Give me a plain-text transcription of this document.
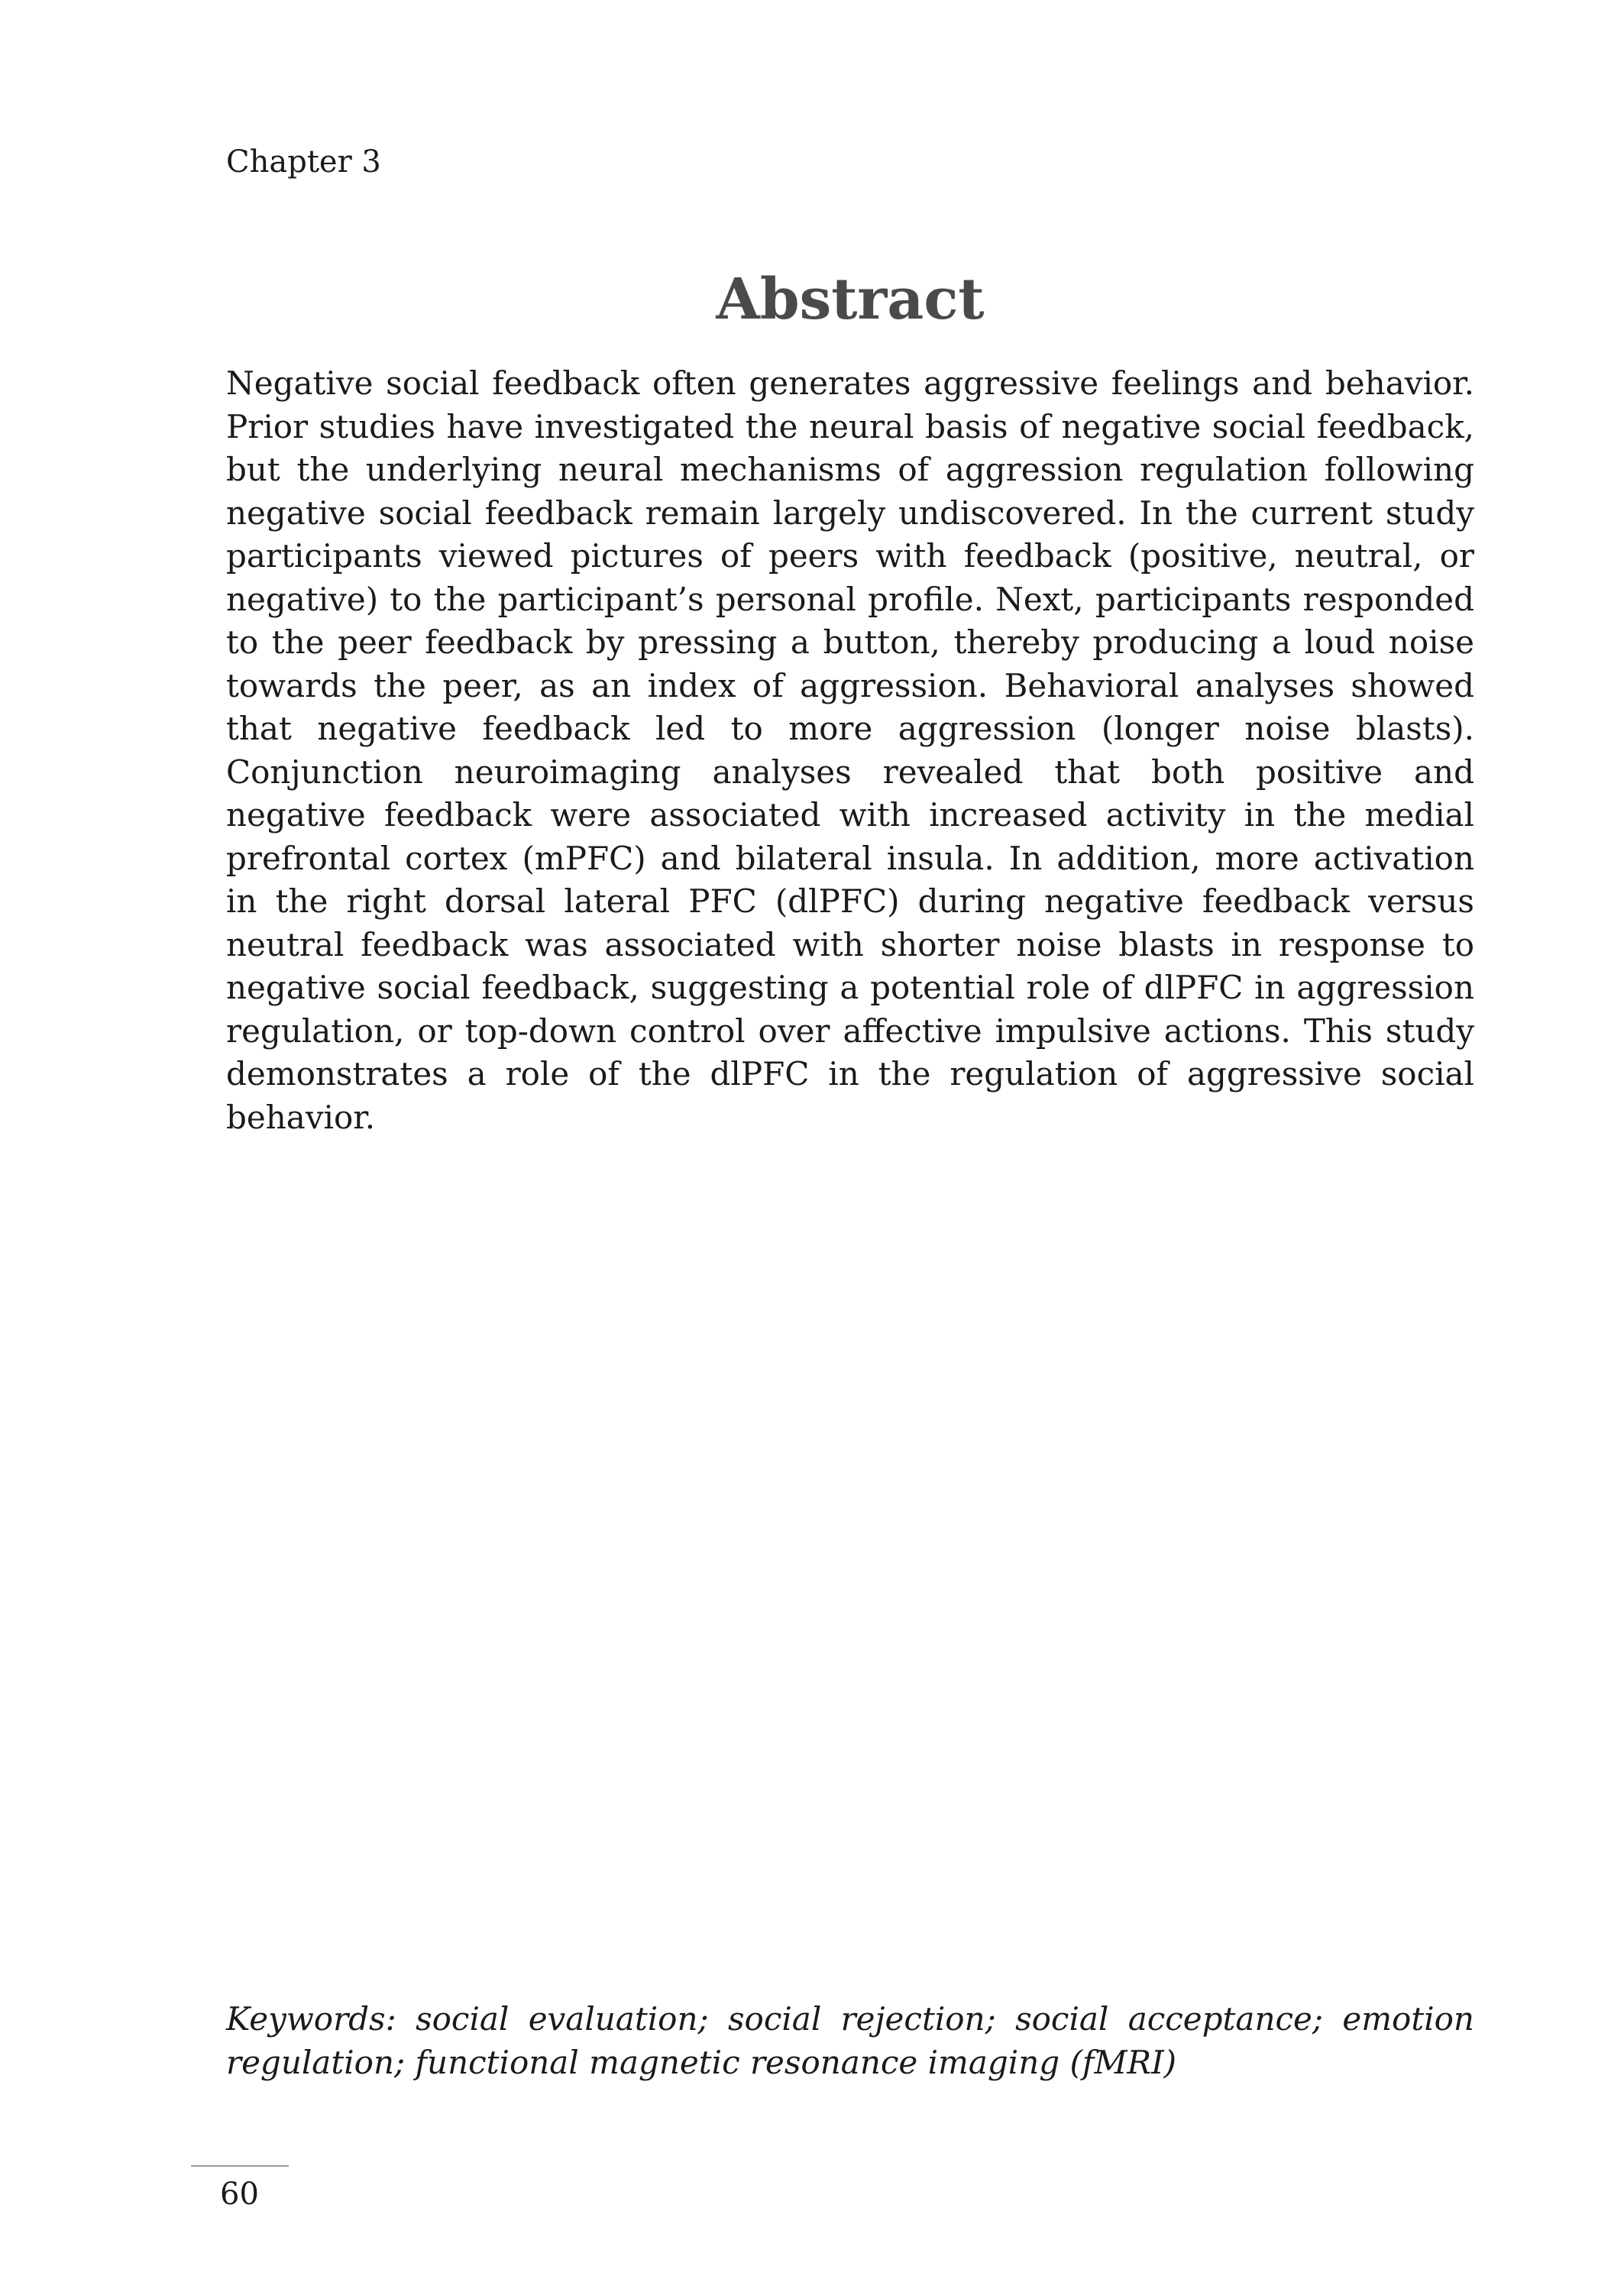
Chapter 3
Abstract

Negative social feedback often generates aggressive feelings and behavior. Prior studies have investigated the neural basis of negative social feedback, but the underlying neural mechanisms of aggression regulation following negative social feedback remain largely undiscovered. In the current study participants viewed pictures of peers with feedback (positive, neutral, or negative) to the participant’s personal profile. Next, participants responded to the peer feedback by pressing a button, thereby producing a loud noise towards the peer, as an index of aggression. Behavioral analyses showed that negative feedback led to more aggression (longer noise blasts). Conjunction neuroimaging analyses revealed that both positive and negative feedback were associated with increased activity in the medial prefrontal cortex (mPFC) and bilateral insula. In addition, more activation in the right dorsal lateral PFC (dlPFC) during negative feedback versus neutral feedback was associated with shorter noise blasts in response to negative social feedback, suggesting a potential role of dlPFC in aggression regulation, or top-down control over affective impulsive actions. This study demonstrates a role of the dlPFC in the regulation of aggressive social behavior.

Keywords: social evaluation; social rejection; social acceptance; emotion regulation; functional magnetic resonance imaging (fMRI)

60
